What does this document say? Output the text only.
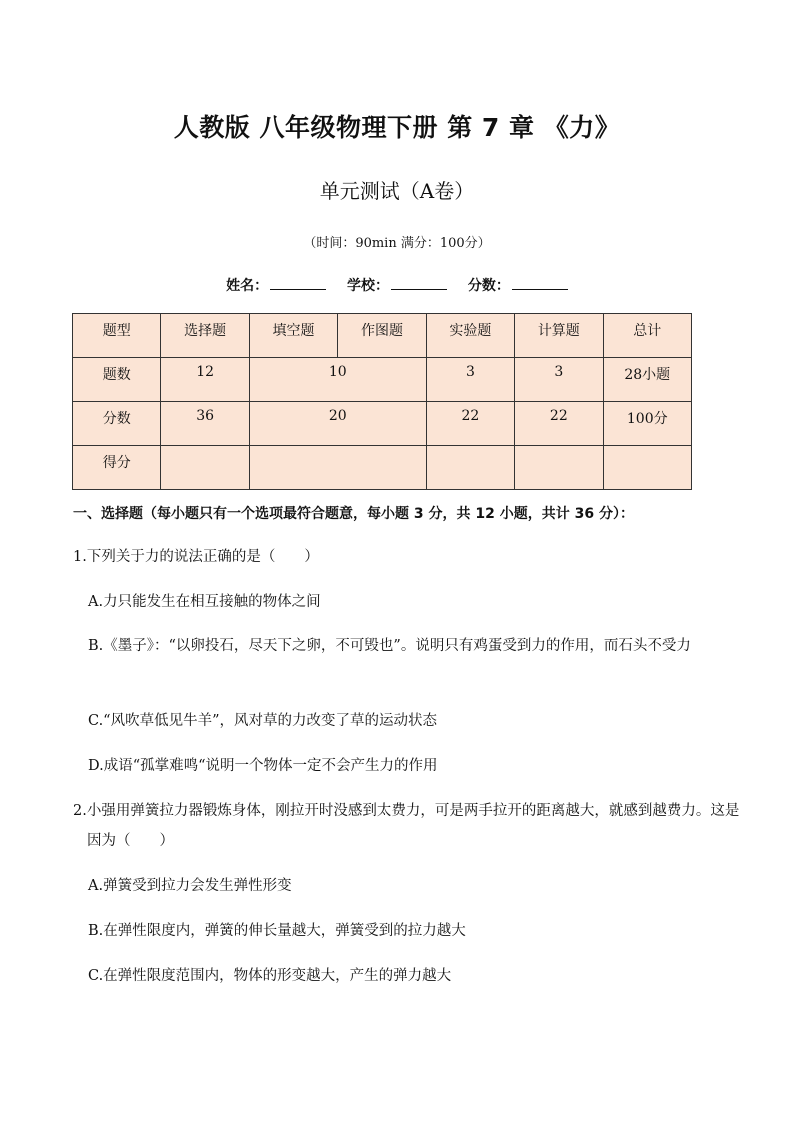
人教版 八年级物理下册 第 7 章 《力》
单元测试（A卷）
（时间：90min 满分：100分）
姓名：	学校：	分数：
题型	选择题	填空题	作图题	实验题	计算题	总计
题数	12	10		3	3	28小题
分数	36	20		22	22	100分
得分						
一、选择题（每小题只有一个选项最符合题意，每小题 3 分，共 12 小题，共计 36 分）：
1.下列关于力的说法正确的是（　　）
A.力只能发生在相互接触的物体之间
B.《墨子》：“以卵投石，尽天下之卵，不可毁也”。说明只有鸡蛋受到力的作用，而石头不受力
C.“风吹草低见牛羊”，风对草的力改变了草的运动状态
D.成语“孤掌难鸣“说明一个物体一定不会产生力的作用
2.小强用弹簧拉力器锻炼身体，刚拉开时没感到太费力，可是两手拉开的距离越大，就感到越费力。这是因为（　　）
A.弹簧受到拉力会发生弹性形变
B.在弹性限度内，弹簧的伸长量越大，弹簧受到的拉力越大
C.在弹性限度范围内，物体的形变越大，产生的弹力越大
